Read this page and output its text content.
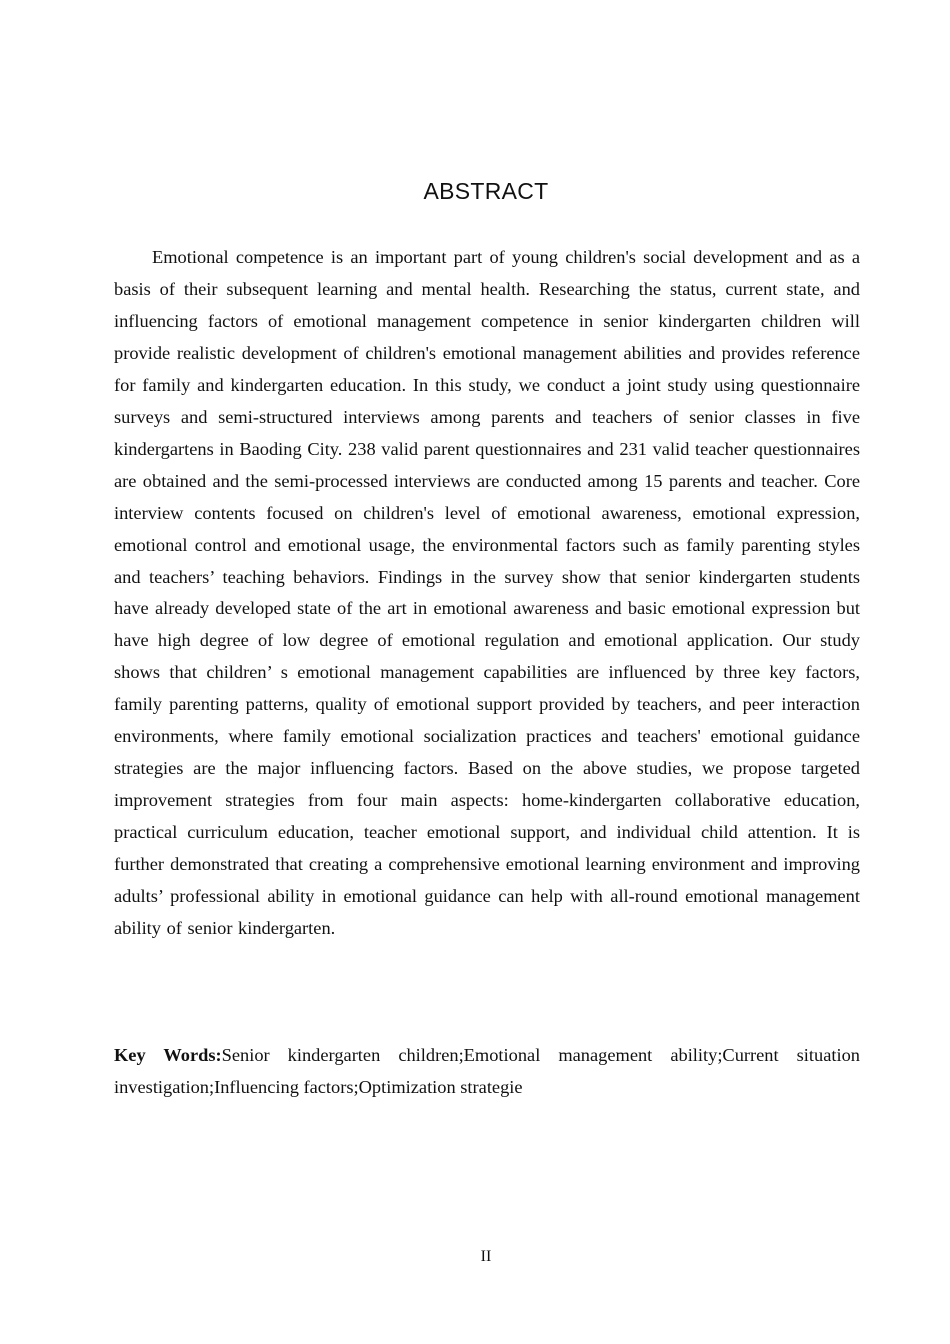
ABSTRACT

Emotional competence is an important part of young children's social development and as a basis of their subsequent learning and mental health. Researching the status, current state, and influencing factors of emotional management competence in senior kindergarten children will provide realistic development of children's emotional management abilities and provides reference for family and kindergarten education. In this study, we conduct a joint study using questionnaire surveys and semi-structured interviews among parents and teachers of senior classes in five kindergartens in Baoding City. 238 valid parent questionnaires and 231 valid teacher questionnaires are obtained and the semi-processed interviews are conducted among 15 parents and teacher. Core interview contents focused on children's level of emotional awareness, emotional expression, emotional control and emotional usage, the environmental factors such as family parenting styles and teachers’ teaching behaviors. Findings in the survey show that senior kindergarten students have already developed state of the art in emotional awareness and basic emotional expression but have high degree of low degree of emotional regulation and emotional application. Our study shows that children’ s emotional management capabilities are influenced by three key factors, family parenting patterns, quality of emotional support provided by teachers, and peer interaction environments, where family emotional socialization practices and teachers' emotional guidance strategies are the major influencing factors. Based on the above studies, we propose targeted improvement strategies from four main aspects: home-kindergarten collaborative education, practical curriculum education, teacher emotional support, and individual child attention. It is further demonstrated that creating a comprehensive emotional learning environment and improving adults’ professional ability in emotional guidance can help with all-round emotional management ability of senior kindergarten.

Key Words:Senior kindergarten children;Emotional management ability;Current situation investigation;Influencing factors;Optimization strategie

II
